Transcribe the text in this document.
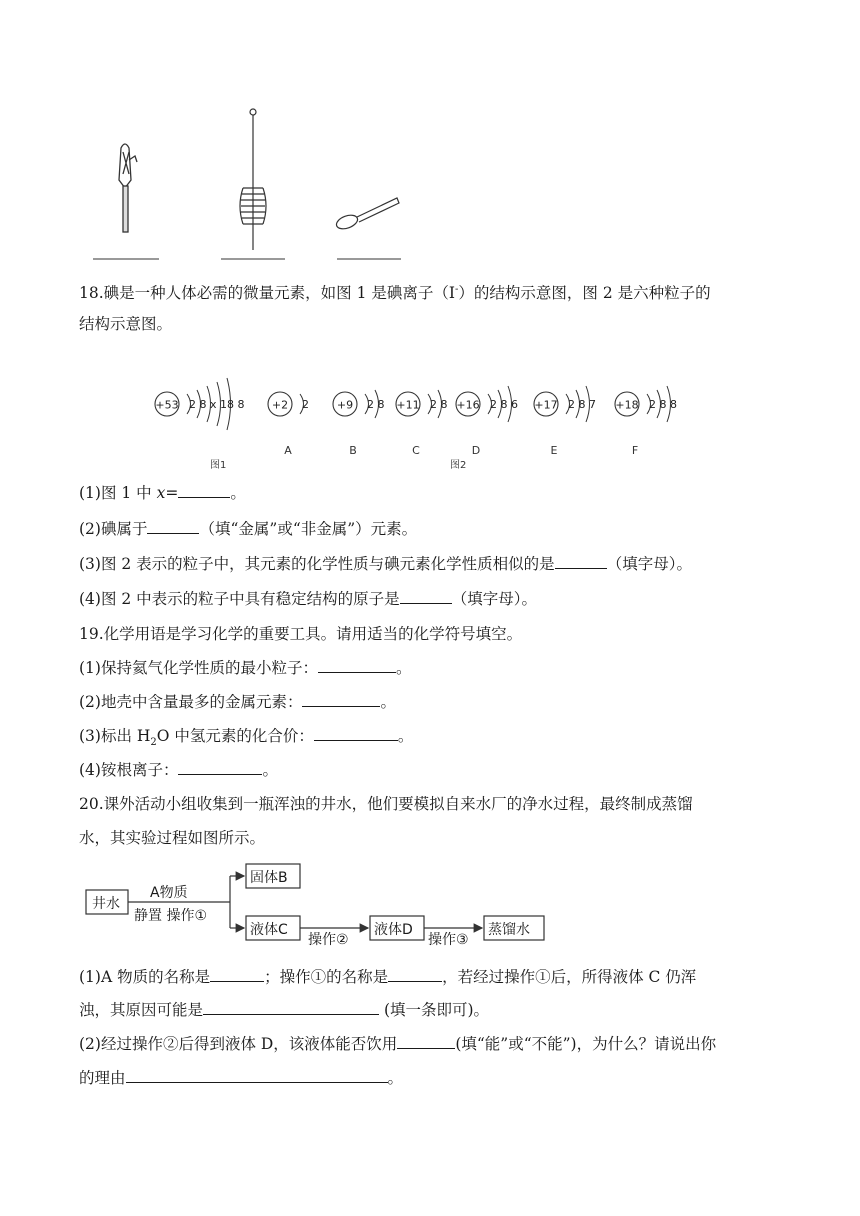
18.碘是一种人体必需的微量元素，如图 1 是碘离子（I-）的结构示意图，图 2 是六种粒子的
结构示意图。
+53 2 8 x 18 8
图1
+2 2
A
+9 2 8
B
+11 2 8
C
+16 2 8 6
D
+17 2 8 7
E
+18 2 8 8
F
图2
(1)图 1 中 x=	。
(2)碘属于	（填“金属”或“非金属”）元素。
(3)图 2 表示的粒子中，其元素的化学性质与碘元素化学性质相似的是	（填字母）。
(4)图 2 中表示的粒子中具有稳定结构的原子是	（填字母）。
19.化学用语是学习化学的重要工具。请用适当的化学符号填空。
(1)保持氦气化学性质的最小粒子：	。
(2)地壳中含量最多的金属元素：	。
(3)标出 $H_2O$ 中氢元素的化合价：	。
(4)铵根离子：	。
20.课外活动小组收集到一瓶浑浊的井水，他们要模拟自来水厂的净水过程，最终制成蒸馏
水，其实验过程如图所示。
井水
A物质
静置 操作①
固体B
液体C
操作②
液体D
操作③
蒸馏水
(1)A 物质的名称是	；操作①的名称是	，若经过操作①后，所得液体 C 仍浑
浊，其原因可能是	(填一条即可)。
(2)经过操作②后得到液体 D，该液体能否饮用	(填“能”或“不能”)，为什么？请说出你
的理由	。
